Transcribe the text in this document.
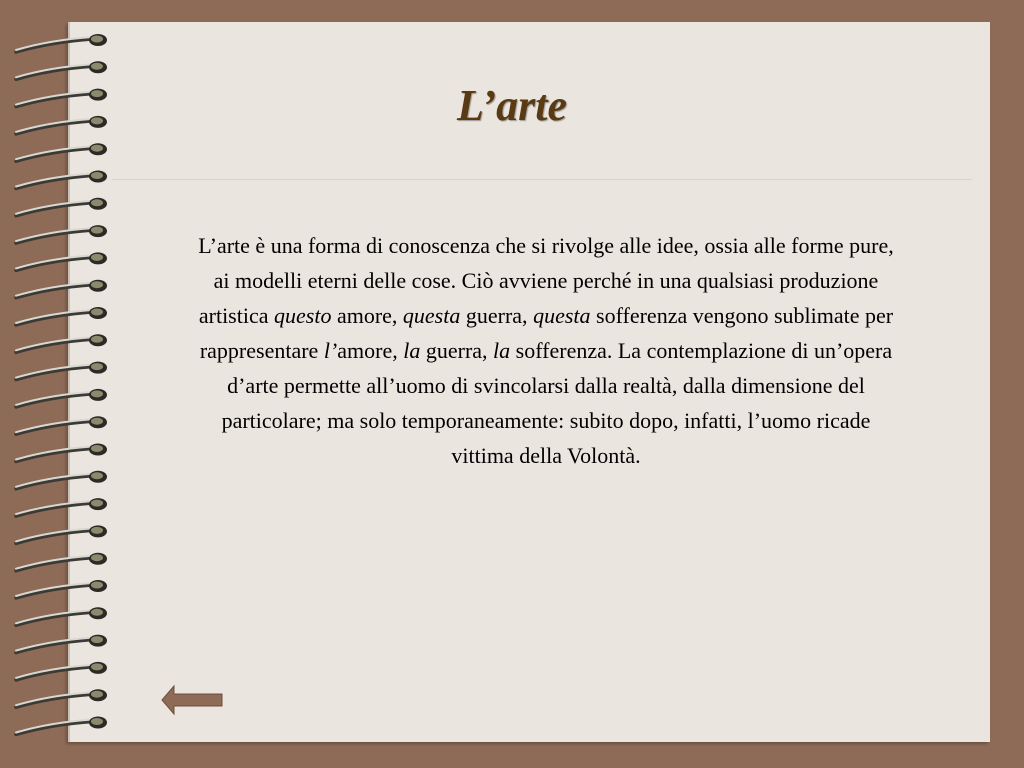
L’arte

L’arte è una forma di conoscenza che si rivolge alle idee, ossia alle forme pure, ai modelli eterni delle cose. Ciò avviene perché in una qualsiasi produzione artistica questo amore, questa guerra, questa sofferenza vengono sublimate per rappresentare l’amore, la guerra, la sofferenza. La contemplazione di un’opera d’arte permette all’uomo di svincolarsi dalla realtà, dalla dimensione del particolare; ma solo temporaneamente: subito dopo, infatti, l’uomo ricade vittima della Volontà.
